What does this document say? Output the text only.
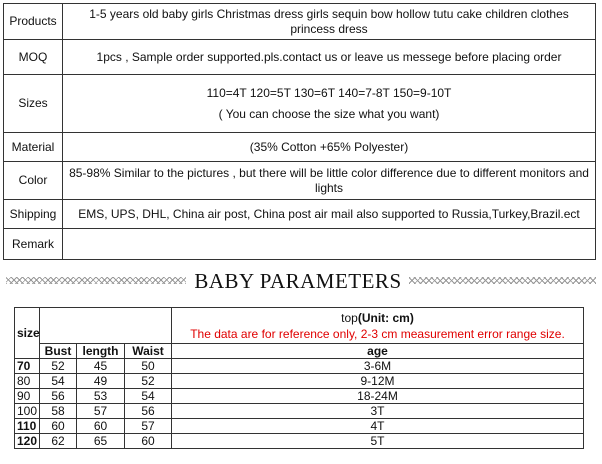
Products	1-5 years old baby girls Christmas dress girls sequin bow hollow tutu cake children clothes princess dress
MOQ	1pcs , Sample order supported.pls.contact us or leave us messege before placing order
Sizes	110=4T 120=5T 130=6T 140=7-8T 150=9-10T
( You can choose the size what you want)

Material	(35% Cotton +65% Polyester)
Color	85-98% Similar to the pictures , but there will be little color difference due to different monitors and lights
Shipping	EMS, UPS, DHL, China air post, China post air mail also supported to Russia,Turkey,Brazil.ect
Remark	
BABY PARAMETERS
size				top(Unit: cm)
The data are for reference only, 2-3 cm measurement error range size.

	Bust	length	Waist	age
70	52	45	50	3-6M
80	54	49	52	9-12M
90	56	53	54	18-24M
100	58	57	56	3T
110	60	60	57	4T
120	62	65	60	5T
